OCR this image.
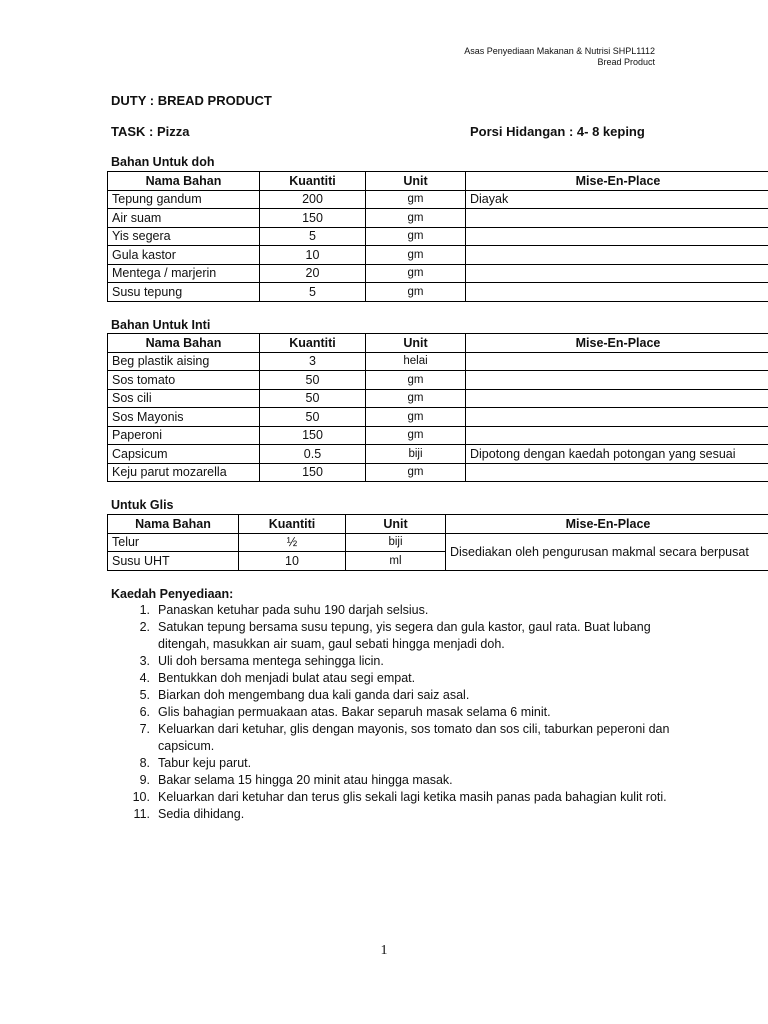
Asas Penyediaan Makanan & Nutrisi SHPL1112
Bread Product
DUTY : BREAD PRODUCT
TASK : Pizza	Porsi Hidangan : 4- 8 keping
Bahan Untuk doh
Nama Bahan	Kuantiti	Unit	Mise-En-Place
Tepung gandum	200	gm	Diayak
Air suam	150	gm	
Yis segera	5	gm	
Gula kastor	10	gm	
Mentega / marjerin	20	gm	
Susu tepung	5	gm	
Bahan Untuk Inti
Nama Bahan	Kuantiti	Unit	Mise-En-Place
Beg plastik aising	3	helai	
Sos tomato	50	gm	
Sos cili	50	gm	
Sos Mayonis	50	gm	
Paperoni	150	gm	
Capsicum	0.5	biji	Dipotong dengan kaedah potongan yang sesuai
Keju parut mozarella	150	gm	
Untuk Glis
Nama Bahan	Kuantiti	Unit	Mise-En-Place
Telur	½	biji	Disediakan oleh pengurusan makmal secara berpusat
Susu UHT	10	ml	
Kaedah Penyediaan:
1. Panaskan ketuhar pada suhu 190 darjah selsius.
2. Satukan tepung bersama susu tepung, yis segera dan gula kastor, gaul rata. Buat lubang ditengah, masukkan air suam, gaul sebati hingga menjadi doh.
3. Uli doh bersama mentega sehingga licin.
4. Bentukkan doh menjadi bulat atau segi empat.
5. Biarkan doh mengembang dua kali ganda dari saiz asal.
6. Glis bahagian permuakaan atas. Bakar separuh masak selama 6 minit.
7. Keluarkan dari ketuhar, glis dengan mayonis, sos tomato dan sos cili, taburkan peperoni dan capsicum.
8. Tabur keju parut.
9. Bakar selama 15 hingga 20 minit atau hingga masak.
10. Keluarkan dari ketuhar dan terus glis sekali lagi ketika masih panas pada bahagian kulit roti.
11. Sedia dihidang.
1
